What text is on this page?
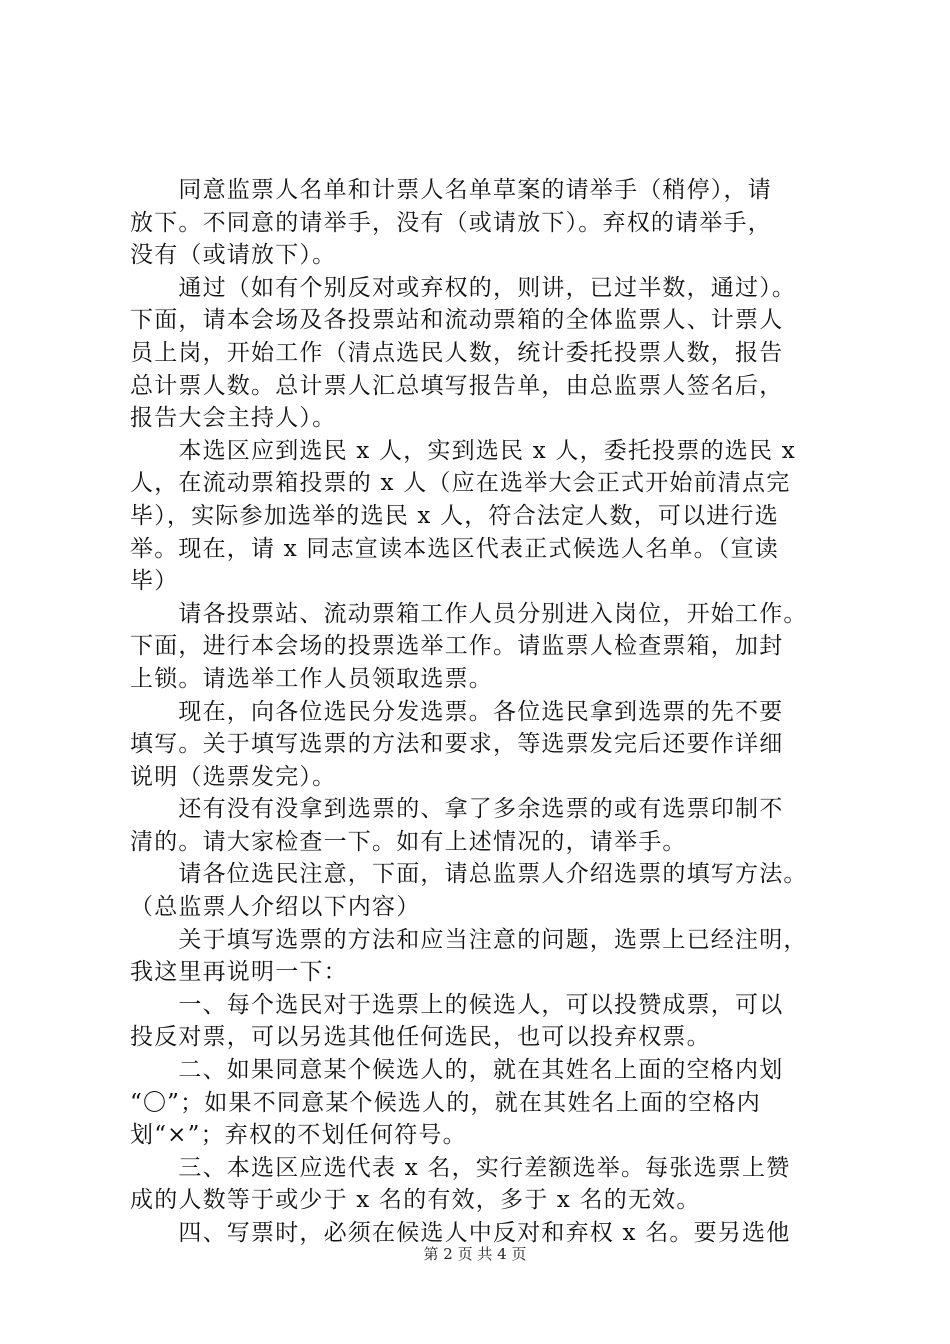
　　同意监票人名单和计票人名单草案的请举手（稍停），请
放下。不同意的请举手，没有（或请放下）。弃权的请举手，
没有（或请放下）。
　　通过（如有个别反对或弃权的，则讲，已过半数，通过）。
下面，请本会场及各投票站和流动票箱的全体监票人、计票人
员上岗，开始工作（清点选民人数，统计委托投票人数，报告
总计票人数。总计票人汇总填写报告单，由总监票人签名后，
报告大会主持人）。
　　本选区应到选民 x 人，实到选民 x 人，委托投票的选民 x
人，在流动票箱投票的 x 人（应在选举大会正式开始前清点完
毕），实际参加选举的选民 x 人，符合法定人数，可以进行选
举。现在，请 x 同志宣读本选区代表正式候选人名单。（宣读
毕）
　　请各投票站、流动票箱工作人员分别进入岗位，开始工作。
下面，进行本会场的投票选举工作。请监票人检查票箱，加封
上锁。请选举工作人员领取选票。
　　现在，向各位选民分发选票。各位选民拿到选票的先不要
填写。关于填写选票的方法和要求，等选票发完后还要作详细
说明（选票发完）。
　　还有没有没拿到选票的、拿了多余选票的或有选票印制不
清的。请大家检查一下。如有上述情况的，请举手。
　　请各位选民注意，下面，请总监票人介绍选票的填写方法。
（总监票人介绍以下内容）
　　关于填写选票的方法和应当注意的问题，选票上已经注明，
我这里再说明一下：
　　一、每个选民对于选票上的候选人，可以投赞成票，可以
投反对票，可以另选其他任何选民，也可以投弃权票。
　　二、如果同意某个候选人的，就在其姓名上面的空格内划
“〇”；如果不同意某个候选人的，就在其姓名上面的空格内
划“×”；弃权的不划任何符号。
　　三、本选区应选代表 x 名，实行差额选举。每张选票上赞
成的人数等于或少于 x 名的有效，多于 x 名的无效。
　　四、写票时，必须在候选人中反对和弃权 x 名。要另选他
第 2 页 共 4 页
